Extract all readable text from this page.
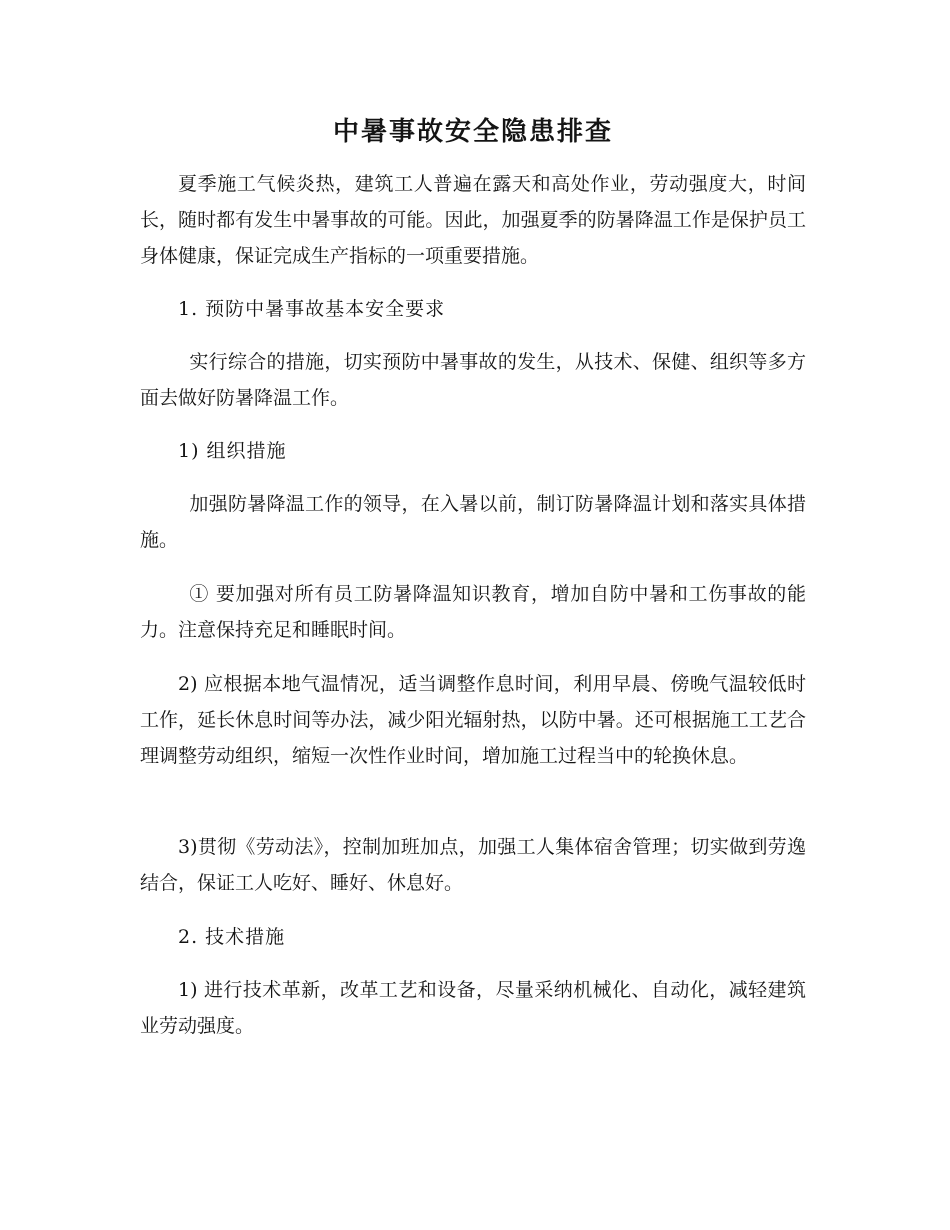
中暑事故安全隐患排查

夏季施工气候炎热，建筑工人普遍在露天和高处作业，劳动强度大，时间长，随时都有发生中暑事故的可能。因此，加强夏季的防暑降温工作是保护员工身体健康，保证完成生产指标的一项重要措施。

1. 预防中暑事故基本安全要求

实行综合的措施，切实预防中暑事故的发生，从技术、保健、组织等多方面去做好防暑降温工作。

1) 组织措施

加强防暑降温工作的领导，在入暑以前，制订防暑降温计划和落实具体措施。

① 要加强对所有员工防暑降温知识教育，增加自防中暑和工伤事故的能力。注意保持充足和睡眠时间。

2) 应根据本地气温情况，适当调整作息时间，利用早晨、傍晚气温较低时工作，延长休息时间等办法，减少阳光辐射热，以防中暑。还可根据施工工艺合理调整劳动组织，缩短一次性作业时间，增加施工过程当中的轮换休息。

3)贯彻《劳动法》，控制加班加点，加强工人集体宿舍管理；切实做到劳逸结合，保证工人吃好、睡好、休息好。

2. 技术措施

1) 进行技术革新，改革工艺和设备，尽量采纳机械化、自动化，减轻建筑业劳动强度。
